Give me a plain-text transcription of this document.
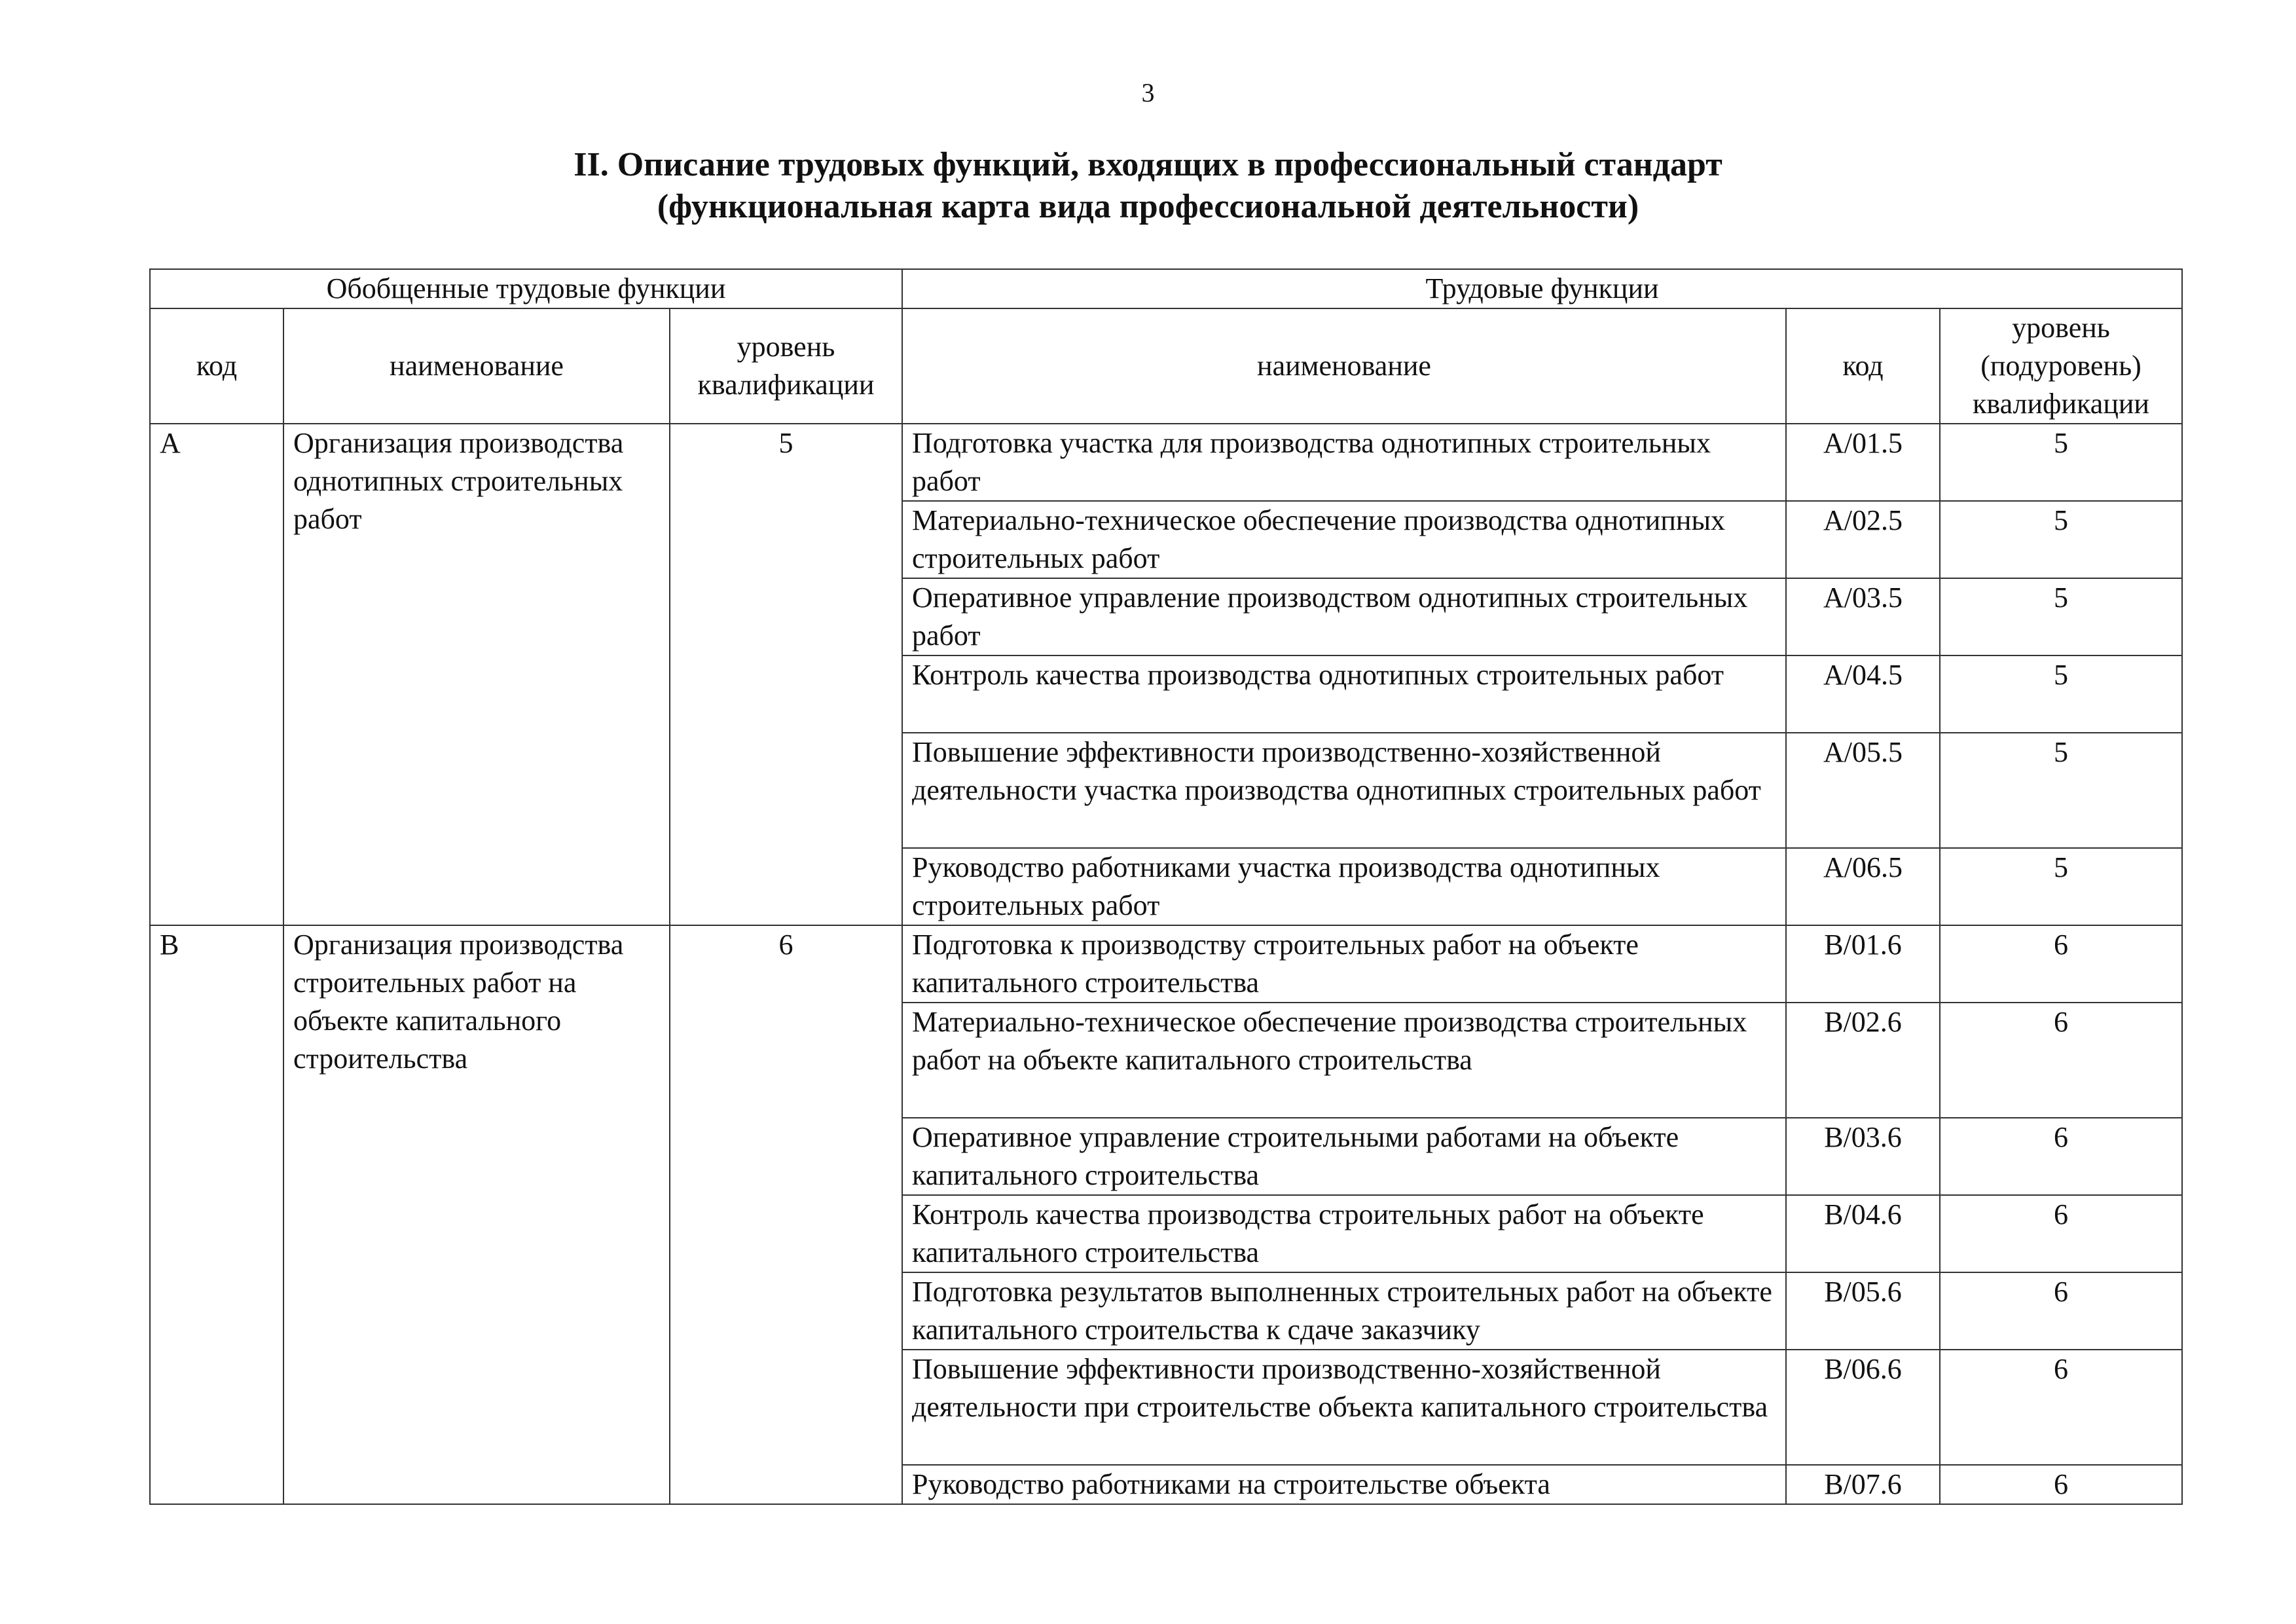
3
II. Описание трудовых функций, входящих в профессиональный стандарт
(функциональная карта вида профессиональной деятельности)
Обобщенные трудовые функции			Трудовые функции		
код	наименование	уровень квалификации	наименование	код	уровень (подуровень) квалификации
A	Организация производства однотипных строительных работ	5	Подготовка участка для производства однотипных строительных работ	A/01.5	5
			Материально-техническое обеспечение производства однотипных строительных работ	A/02.5	5
			Оперативное управление производством однотипных строительных работ	A/03.5	5
			Контроль качества производства однотипных строительных работ	A/04.5	5
			Повышение эффективности производственно-хозяйственной деятельности участка производства однотипных строительных работ	A/05.5	5
			Руководство работниками участка производства однотипных строительных работ	A/06.5	5
B	Организация производства строительных работ на объекте капитального строительства	6	Подготовка к производству строительных работ на объекте капитального строительства	B/01.6	6
			Материально-техническое обеспечение производства строительных работ на объекте капитального строительства	B/02.6	6
			Оперативное управление строительными работами на объекте капитального строительства	B/03.6	6
			Контроль качества производства строительных работ на объекте капитального строительства	B/04.6	6
			Подготовка результатов выполненных строительных работ на объекте капитального строительства к сдаче заказчику	B/05.6	6
			Повышение эффективности производственно-хозяйственной деятельности при строительстве объекта капитального строительства	B/06.6	6
			Руководство работниками на строительстве объекта	B/07.6	6
